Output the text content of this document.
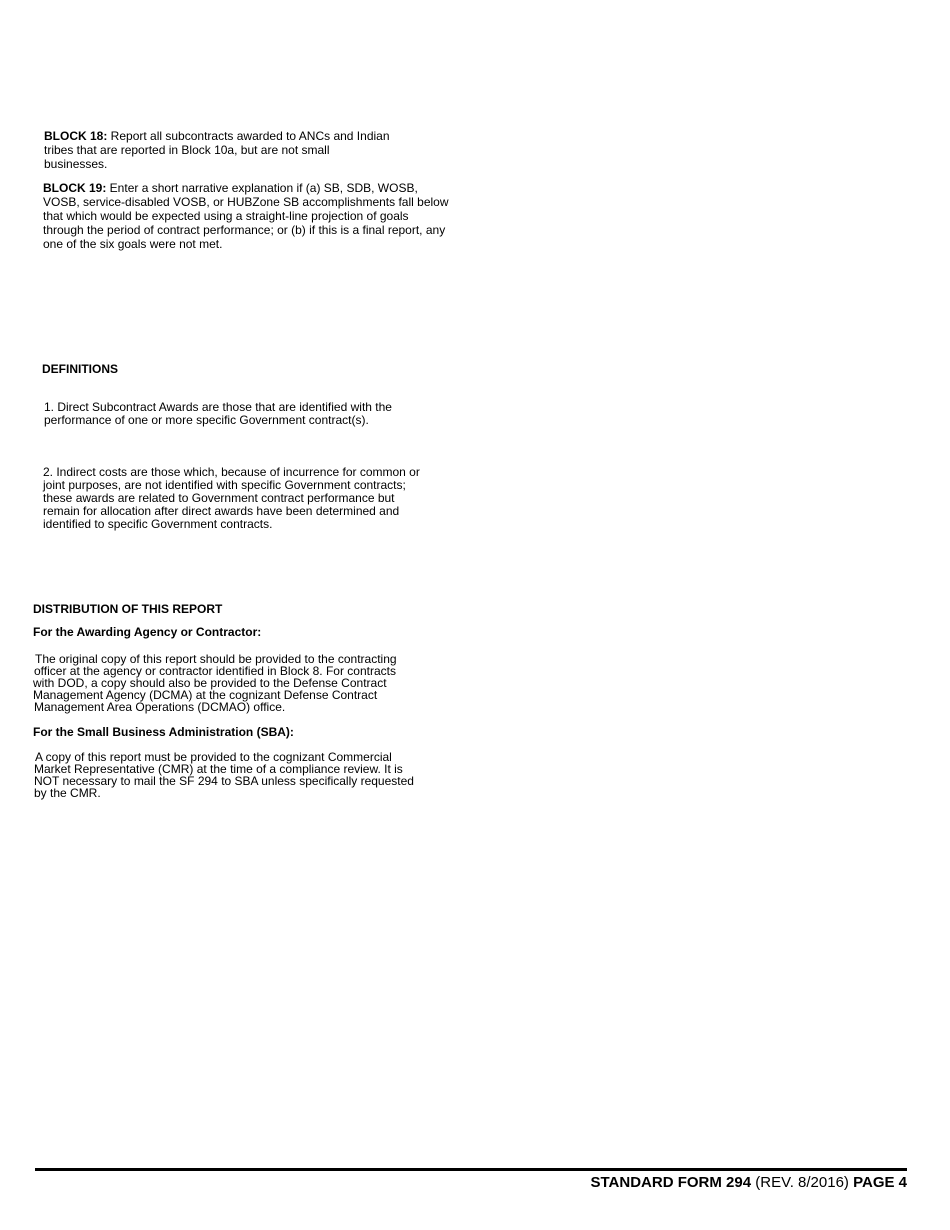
BLOCK 18: Report all subcontracts awarded to ANCs and Indian
tribes that are reported in Block 10a, but are not small
businesses.
BLOCK 19: Enter a short narrative explanation if (a) SB, SDB, WOSB,
VOSB, service-disabled VOSB, or HUBZone SB accomplishments fall below
that which would be expected using a straight-line projection of goals
through the period of contract performance; or (b) if this is a final report, any
one of the six goals were not met.
DEFINITIONS
1. Direct Subcontract Awards are those that are identified with the
performance of one or more specific Government contract(s).
2. Indirect costs are those which, because of incurrence for common or
joint purposes, are not identified with specific Government contracts;
these awards are related to Government contract performance but
remain for allocation after direct awards have been determined and
identified to specific Government contracts.
DISTRIBUTION OF THIS REPORT
For the Awarding Agency or Contractor:
The original copy of this report should be provided to the contracting
officer at the agency or contractor identified in Block 8. For contracts
with DOD, a copy should also be provided to the Defense Contract
Management Agency (DCMA) at the cognizant Defense Contract
Management Area Operations (DCMAO) office.
For the Small Business Administration (SBA):
A copy of this report must be provided to the cognizant Commercial
Market Representative (CMR) at the time of a compliance review. It is
NOT necessary to mail the SF 294 to SBA unless specifically requested
by the CMR.
STANDARD FORM 294 (REV. 8/2016) PAGE 4
